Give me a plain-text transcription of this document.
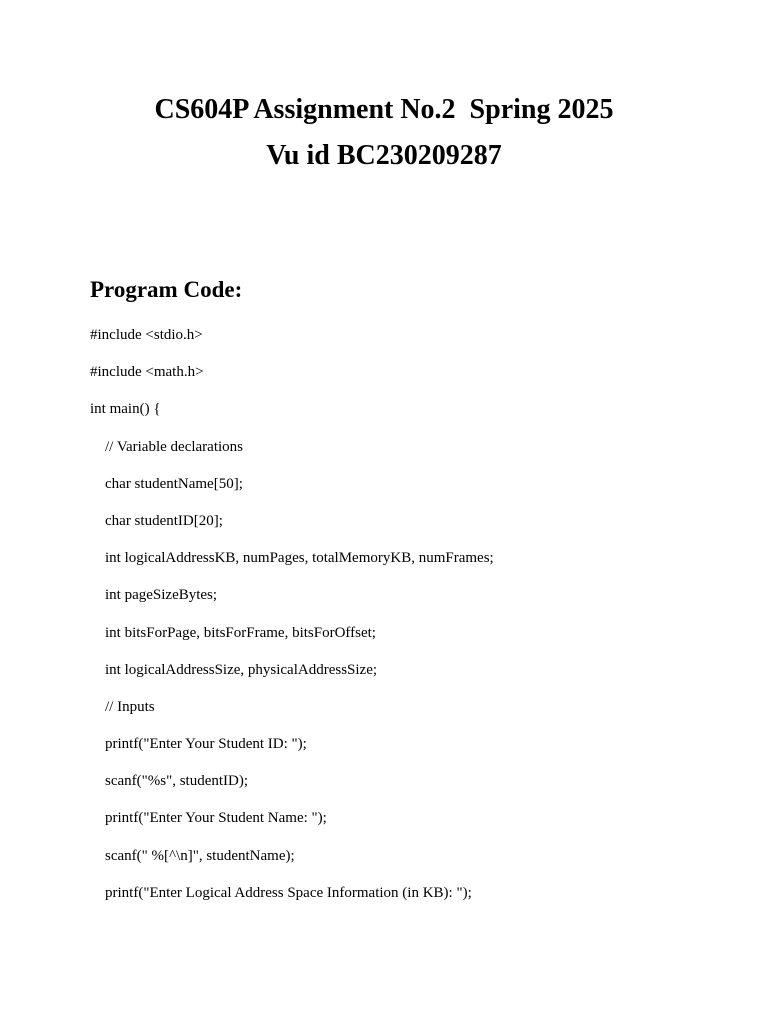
CS604P Assignment No.2  Spring 2025
Vu id BC230209287
Program Code:
#include <stdio.h>
#include <math.h>
int main() {
// Variable declarations
char studentName[50];
char studentID[20];
int logicalAddressKB, numPages, totalMemoryKB, numFrames;
int pageSizeBytes;
int bitsForPage, bitsForFrame, bitsForOffset;
int logicalAddressSize, physicalAddressSize;
// Inputs
printf("Enter Your Student ID: ");
scanf("%s", studentID);
printf("Enter Your Student Name: ");
scanf(" %[^\n]", studentName);
printf("Enter Logical Address Space Information (in KB): ");
